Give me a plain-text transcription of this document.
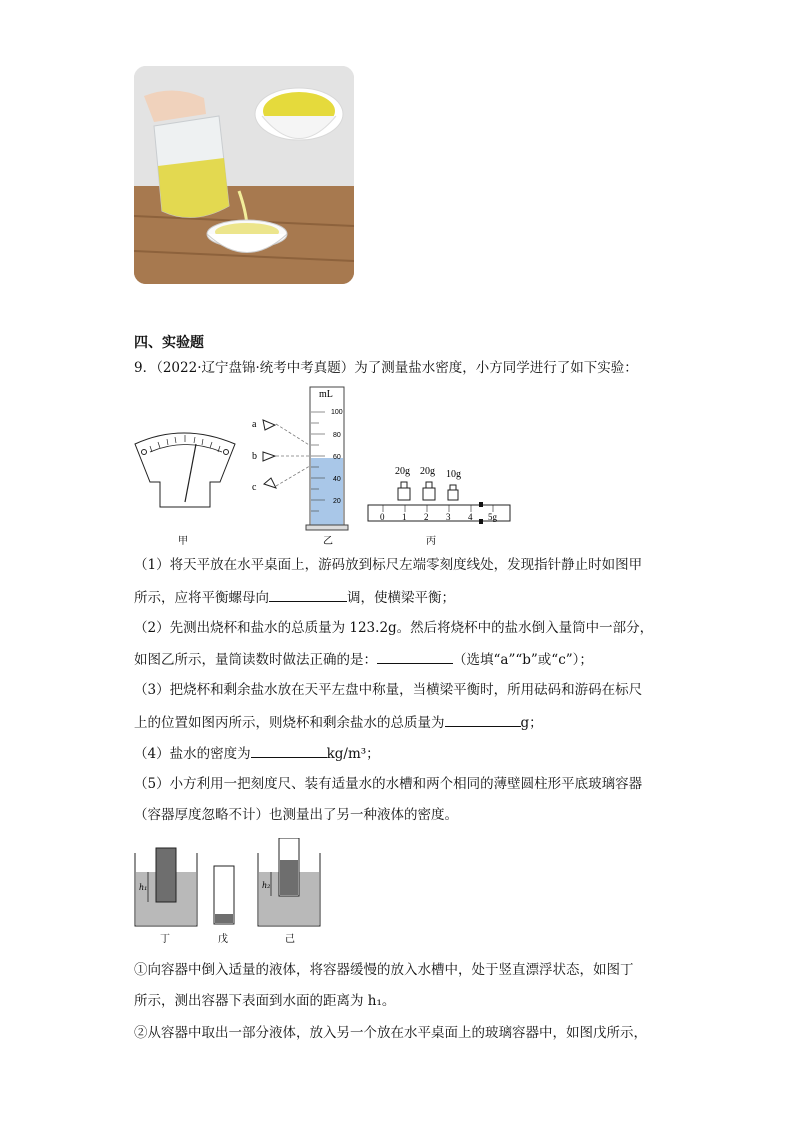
四、实验题
9．（2022·辽宁盘锦·统考中考真题）为了测量盐水密度，小方同学进行了如下实验：
甲
a
b
c
mL
100
80
60
40
20
乙
20g 20g 10g
0 1 2 3 4 5g
丙
（1）将天平放在水平桌面上，游码放到标尺左端零刻度线处，发现指针静止时如图甲
所示，应将平衡螺母向	调，使横梁平衡；
（2）先测出烧杯和盐水的总质量为 123.2g。然后将烧杯中的盐水倒入量筒中一部分，
如图乙所示，量筒读数时做法正确的是：	（选填“a”“b”或“c”）；
（3）把烧杯和剩余盐水放在天平左盘中称量，当横梁平衡时，所用砝码和游码在标尺
上的位置如图丙所示，则烧杯和剩余盐水的总质量为	g；
（4）盐水的密度为	kg/m³；
（5）小方利用一把刻度尺、装有适量水的水槽和两个相同的薄壁圆柱形平底玻璃容器
（容器厚度忽略不计）也测量出了另一种液体的密度。
h₁
丁	戊
h₂
己
①向容器中倒入适量的液体，将容器缓慢的放入水槽中，处于竖直漂浮状态，如图丁
所示，测出容器下表面到水面的距离为 h₁。
②从容器中取出一部分液体，放入另一个放在水平桌面上的玻璃容器中，如图戊所示，
